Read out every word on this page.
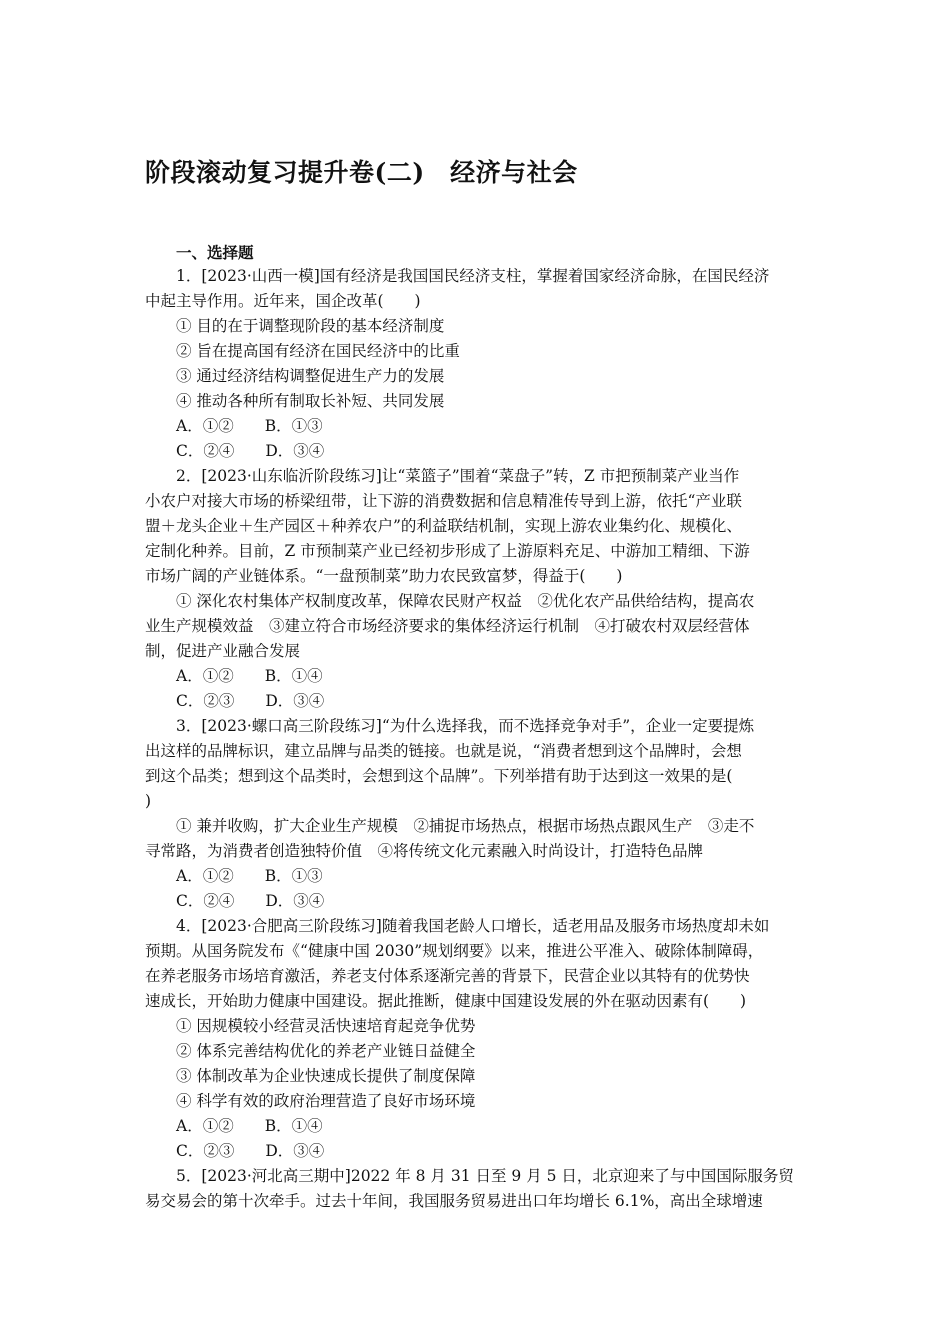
阶段滚动复习提升卷(二)　经济与社会
一、选择题
1．[2023·山西一模]国有经济是我国国民经济支柱，掌握着国家经济命脉，在国民经济
中起主导作用。近年来，国企改革(　　)
① 目的在于调整现阶段的基本经济制度
② 旨在提高国有经济在国民经济中的比重
③ 通过经济结构调整促进生产力的发展
④ 推动各种所有制取长补短、共同发展
A．①②　　B．①③
C．②④　　D．③④
2．[2023·山东临沂阶段练习]让“菜篮子”围着“菜盘子”转，Z 市把预制菜产业当作
小农户对接大市场的桥梁纽带，让下游的消费数据和信息精准传导到上游，依托“产业联
盟＋龙头企业＋生产园区＋种养农户”的利益联结机制，实现上游农业集约化、规模化、
定制化种养。目前，Z 市预制菜产业已经初步形成了上游原料充足、中游加工精细、下游
市场广阔的产业链体系。“一盘预制菜”助力农民致富梦，得益于(　　)
① 深化农村集体产权制度改革，保障农民财产权益　②优化农产品供给结构，提高农
业生产规模效益　③建立符合市场经济要求的集体经济运行机制　④打破农村双层经营体
制，促进产业融合发展
A．①②　　B．①④
C．②③　　D．③④
3．[2023·螺口高三阶段练习]“为什么选择我，而不选择竞争对手”，企业一定要提炼
出这样的品牌标识，建立品牌与品类的链接。也就是说，“消费者想到这个品牌时，会想
到这个品类；想到这个品类时，会想到这个品牌”。下列举措有助于达到这一效果的是(
)
① 兼并收购，扩大企业生产规模　②捕捉市场热点，根据市场热点跟风生产　③走不
寻常路，为消费者创造独特价值　④将传统文化元素融入时尚设计，打造特色品牌
A．①②　　B．①③
C．②④　　D．③④
4．[2023·合肥高三阶段练习]随着我国老龄人口增长，适老用品及服务市场热度却未如
预期。从国务院发布《“健康中国 2030”规划纲要》以来，推进公平准入、破除体制障碍，
在养老服务市场培育激活，养老支付体系逐渐完善的背景下，民营企业以其特有的优势快
速成长，开始助力健康中国建设。据此推断，健康中国建设发展的外在驱动因素有(　　)
① 因规模较小经营灵活快速培育起竞争优势
② 体系完善结构优化的养老产业链日益健全
③ 体制改革为企业快速成长提供了制度保障
④ 科学有效的政府治理营造了良好市场环境
A．①②　　B．①④
C．②③　　D．③④
5．[2023·河北高三期中]2022 年 8 月 31 日至 9 月 5 日，北京迎来了与中国国际服务贸
易交易会的第十次牵手。过去十年间，我国服务贸易进出口年均增长 6.1%，高出全球增速
